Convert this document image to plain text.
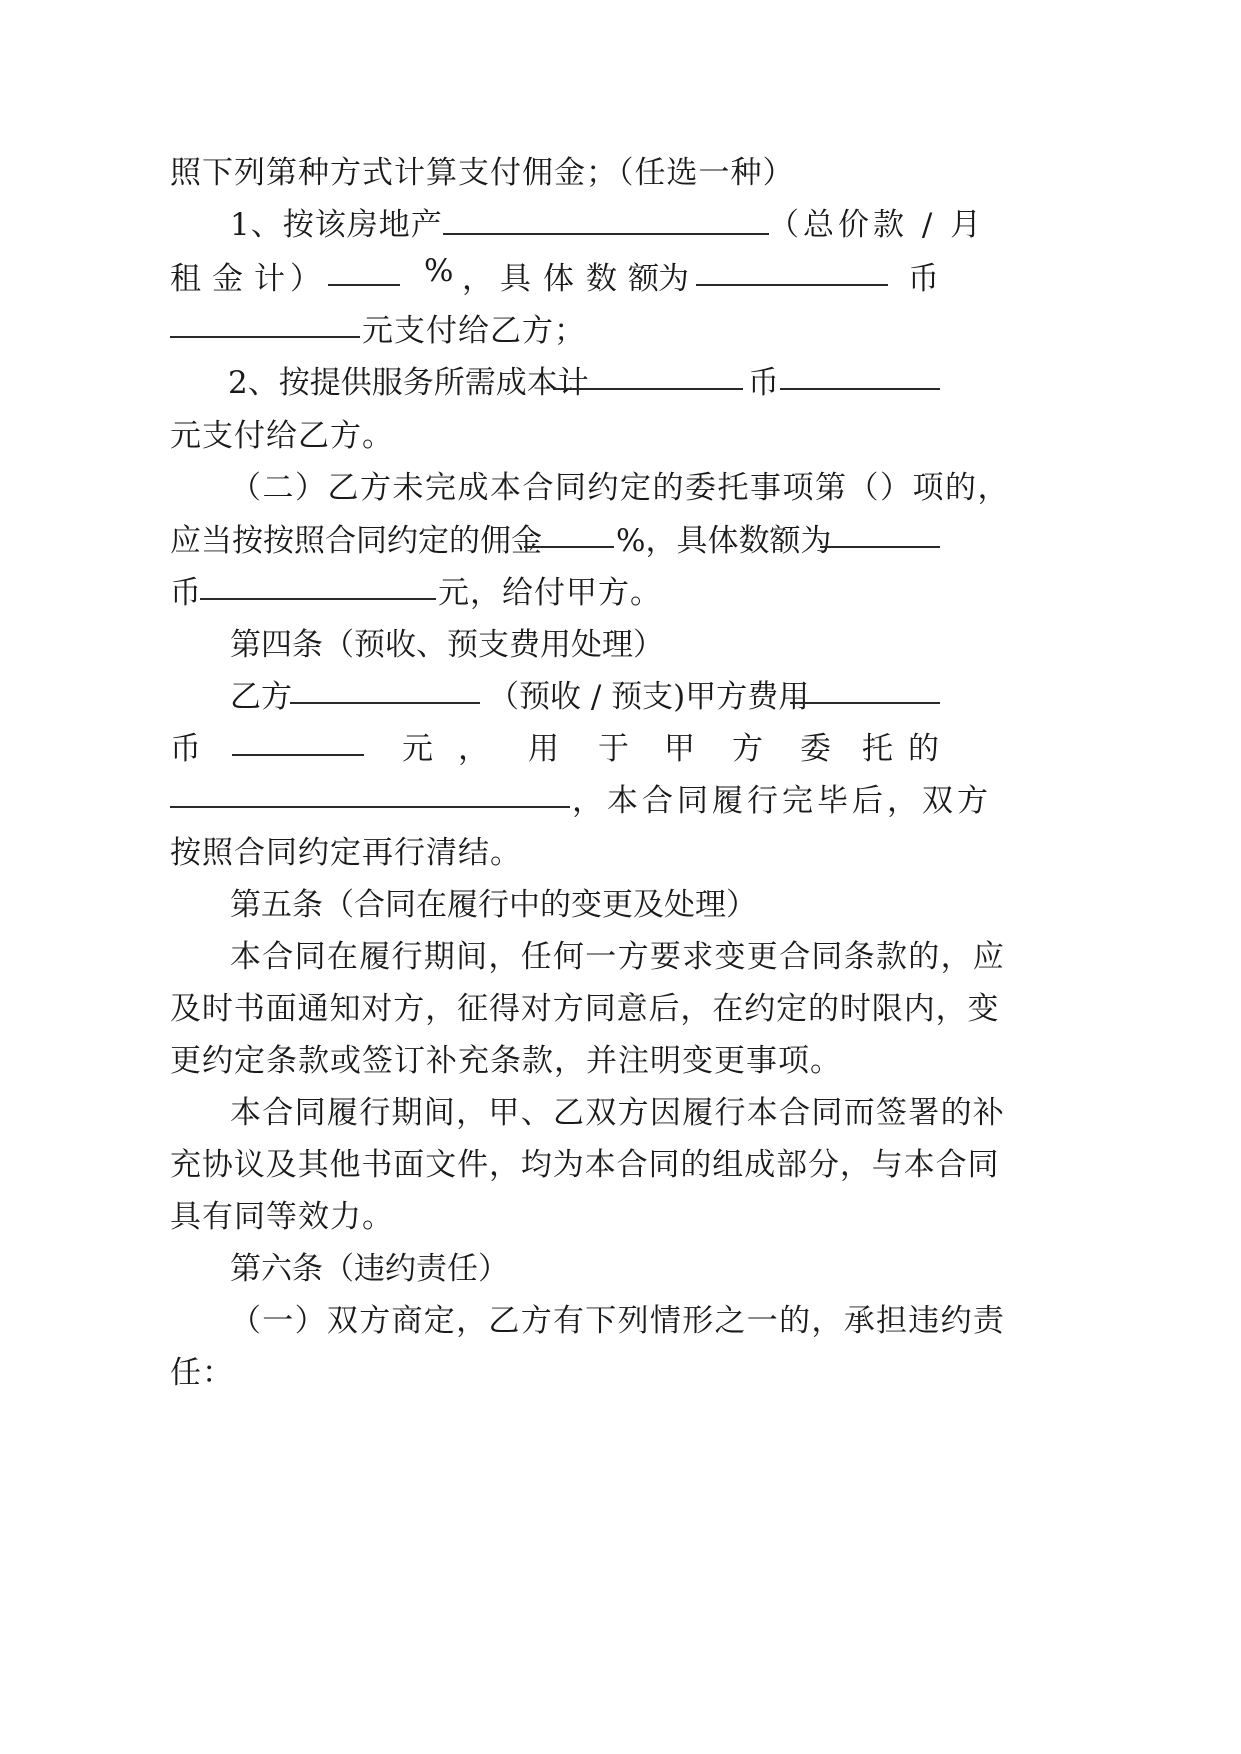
照下列第种方式计算支付佣金；（任选一种）
1、按该房地产	（总价款 / 月
租 金 计 ）	% ， 具 体 数 额 为	币
元支付给乙方；
2、按提供服务所需成本计	币
元支付给乙方。
（二）乙方未完成本合同约定的委托事项第（）项的，
应当按按照合同约定的佣金 %，具体数额为
币	元，给付甲方。
第四条（预收、预支费用处理）
乙方	（预收 / 预支)甲方费用
币	元 ， 用 于 甲 方 委 托 的
，本合同履行完毕后，双方
按照合同约定再行清结。
第五条（合同在履行中的变更及处理）
本合同在履行期间，任何一方要求变更合同条款的，应
及时书面通知对方，征得对方同意后，在约定的时限内，变
更约定条款或签订补充条款，并注明变更事项。
本合同履行期间，甲、乙双方因履行本合同而签署的补
充协议及其他书面文件，均为本合同的组成部分，与本合同
具有同等效力。
第六条（违约责任）
（一）双方商定，乙方有下列情形之一的，承担违约责
任：
